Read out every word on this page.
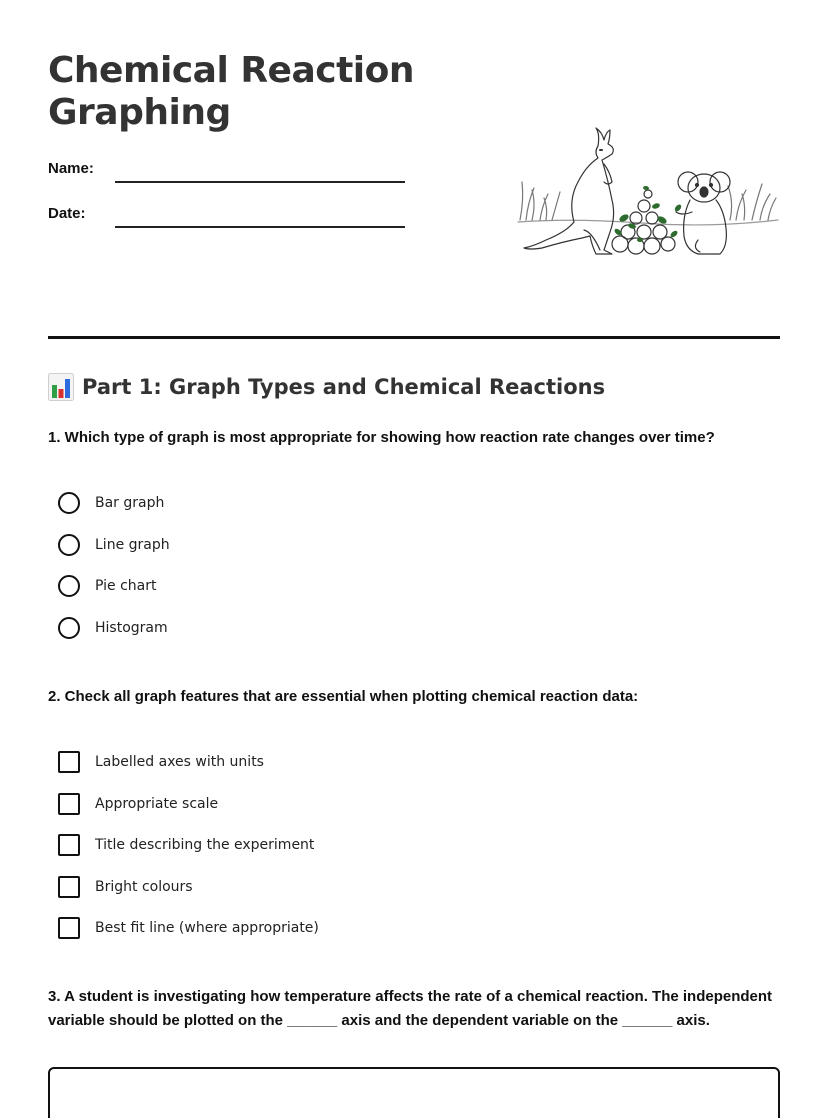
Chemical Reaction Graphing
Name:
Date:
Part 1: Graph Types and Chemical Reactions
1. Which type of graph is most appropriate for showing how reaction rate changes over time?
Bar graph
Line graph
Pie chart
Histogram
2. Check all graph features that are essential when plotting chemical reaction data:
Labelled axes with units
Appropriate scale
Title describing the experiment
Bright colours
Best fit line (where appropriate)
3. A student is investigating how temperature affects the rate of a chemical reaction. The independent variable should be plotted on the ______ axis and the dependent variable on the ______ axis.
